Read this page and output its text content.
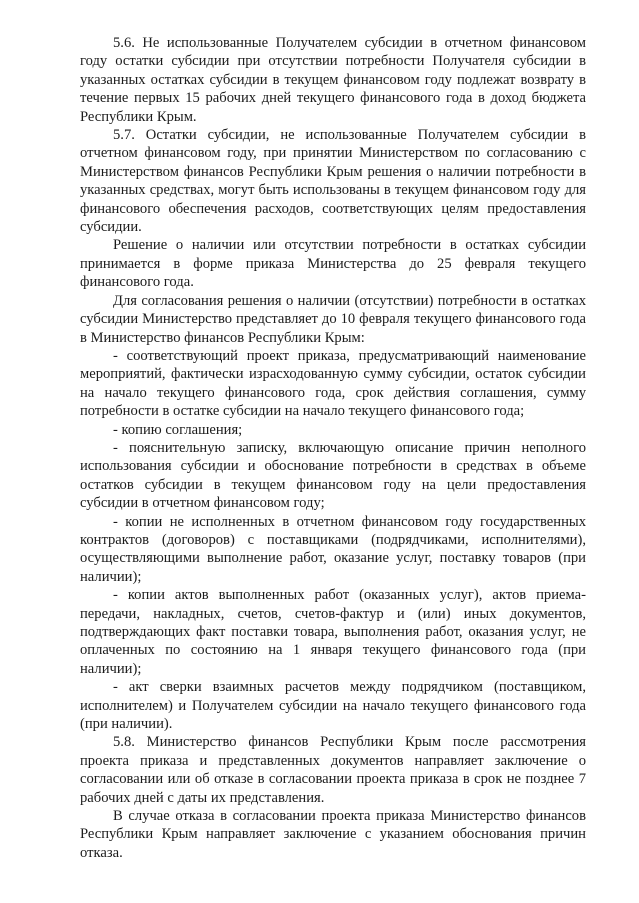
5.6. Не использованные Получателем субсидии в отчетном финансовом году остатки субсидии при отсутствии потребности Получателя субсидии в указанных остатках субсидии в текущем финансовом году подлежат возврату в течение первых 15 рабочих дней текущего финансового года в доход бюджета Республики Крым.

5.7. Остатки субсидии, не использованные Получателем субсидии в отчетном финансовом году, при принятии Министерством по согласованию с Министерством финансов Республики Крым решения о наличии потребности в указанных средствах, могут быть использованы в текущем финансовом году для финансового обеспечения расходов, соответствующих целям предоставления субсидии.

Решение о наличии или отсутствии потребности в остатках субсидии принимается в форме приказа Министерства до 25 февраля текущего финансового года.

Для согласования решения о наличии (отсутствии) потребности в остатках субсидии Министерство представляет до 10 февраля текущего финансового года в Министерство финансов Республики Крым:

- соответствующий проект приказа, предусматривающий наименование мероприятий, фактически израсходованную сумму субсидии, остаток субсидии на начало текущего финансового года, срок действия соглашения, сумму потребности в остатке субсидии на начало текущего финансового года;

- копию соглашения;

- пояснительную записку, включающую описание причин неполного использования субсидии и обоснование потребности в средствах в объеме остатков субсидии в текущем финансовом году на цели предоставления субсидии в отчетном финансовом году;

- копии не исполненных в отчетном финансовом году государственных контрактов (договоров) с поставщиками (подрядчиками, исполнителями), осуществляющими выполнение работ, оказание услуг, поставку товаров (при наличии);

- копии актов выполненных работ (оказанных услуг), актов приема-передачи, накладных, счетов, счетов-фактур и (или) иных документов, подтверждающих факт поставки товара, выполнения работ, оказания услуг, не оплаченных по состоянию на 1 января текущего финансового года (при наличии);

- акт сверки взаимных расчетов между подрядчиком (поставщиком, исполнителем) и Получателем субсидии на начало текущего финансового года (при наличии).

5.8. Министерство финансов Республики Крым после рассмотрения проекта приказа и представленных документов направляет заключение о согласовании или об отказе в согласовании проекта приказа в срок не позднее 7 рабочих дней с даты их представления.

В случае отказа в согласовании проекта приказа Министерство финансов Республики Крым направляет заключение с указанием обоснования причин отказа.
